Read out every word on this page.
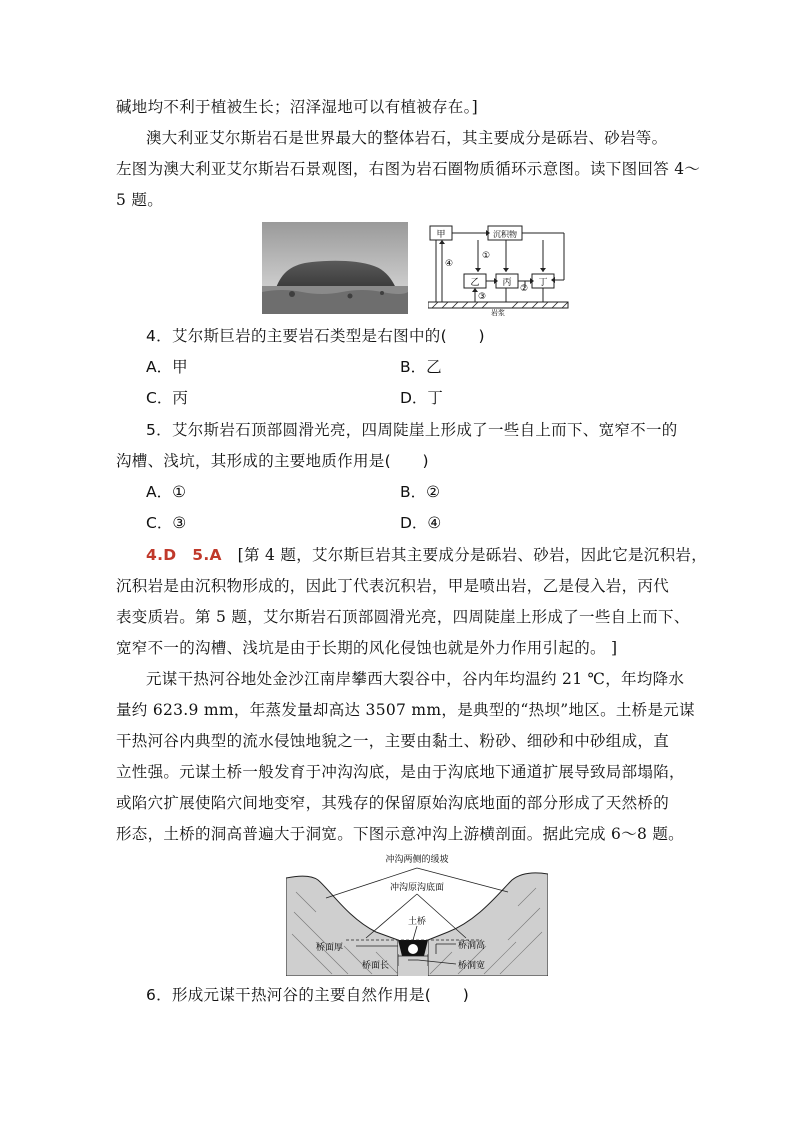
碱地均不利于植被生长；沼泽湿地可以有植被存在。]
澳大利亚艾尔斯岩石是世界最大的整体岩石，其主要成分是砾岩、砂岩等。
左图为澳大利亚艾尔斯岩石景观图，右图为岩石圈物质循环示意图。读下图回答 4～
5 题。
甲	沉积物
乙	丙	丁
①
②
③
④
岩浆
4．艾尔斯巨岩的主要岩石类型是右图中的(　　)
A．甲	B．乙
C．丙	D．丁
5．艾尔斯岩石顶部圆滑光亮，四周陡崖上形成了一些自上而下、宽窄不一的
沟槽、浅坑，其形成的主要地质作用是(　　)
A．①	B．②
C．③	D．④
4.D　5.A　 [第 4 题，艾尔斯巨岩其主要成分是砾岩、砂岩，因此它是沉积岩，
沉积岩是由沉积物形成的，因此丁代表沉积岩，甲是喷出岩，乙是侵入岩，丙代
表变质岩。第 5 题，艾尔斯岩石顶部圆滑光亮，四周陡崖上形成了一些自上而下、
宽窄不一的沟槽、浅坑是由于长期的风化侵蚀也就是外力作用引起的。 ]
元谋干热河谷地处金沙江南岸攀西大裂谷中，谷内年均温约 21 ℃，年均降水
量约 623.9 mm，年蒸发量却高达 3507 mm，是典型的“热坝”地区。土桥是元谋
干热河谷内典型的流水侵蚀地貌之一，主要由黏土、粉砂、细砂和中砂组成，直
立性强。元谋土桥一般发育于冲沟沟底，是由于沟底地下通道扩展导致局部塌陷，
或陷穴扩展使陷穴间地变窄，其残存的保留原始沟底地面的部分形成了天然桥的
形态，土桥的洞高普遍大于洞宽。下图示意冲沟上游横剖面。据此完成 6～8 题。
冲沟两侧的缓坡
冲沟原沟底面
土桥
桥面厚
桥面长
桥洞高
桥洞宽
6．形成元谋干热河谷的主要自然作用是(　　)
